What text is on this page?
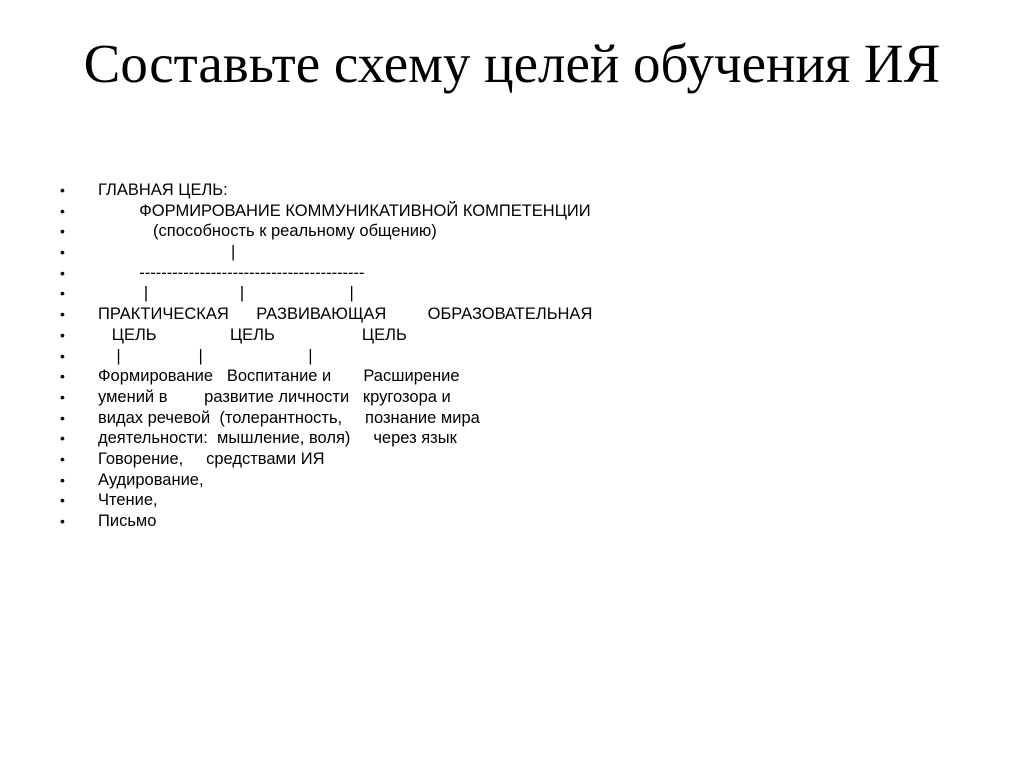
Составьте схему целей обучения ИЯ
•	ГЛАВНАЯ ЦЕЛЬ:
•	ФОРМИРОВАНИЕ КОММУНИКАТИВНОЙ КОМПЕТЕНЦИИ
•	(способность к реальному общению)
•	|
•	-----------------------------------------
•	|                    |                       |
•	ПРАКТИЧЕСКАЯ      РАЗВИВАЮЩАЯ         ОБРАЗОВАТЕЛЬНАЯ
•	ЦЕЛЬ                ЦЕЛЬ                   ЦЕЛЬ
•	|                 |                       |
•	Формирование   Воспитание и       Расширение
•	умений в        развитие личности   кругозора и
•	видах речевой  (толерантность,     познание мира
•	деятельности:  мышление, воля)     через язык
•	Говорение,     средствами ИЯ
•	Аудирование,
•	Чтение,
•	Письмо
